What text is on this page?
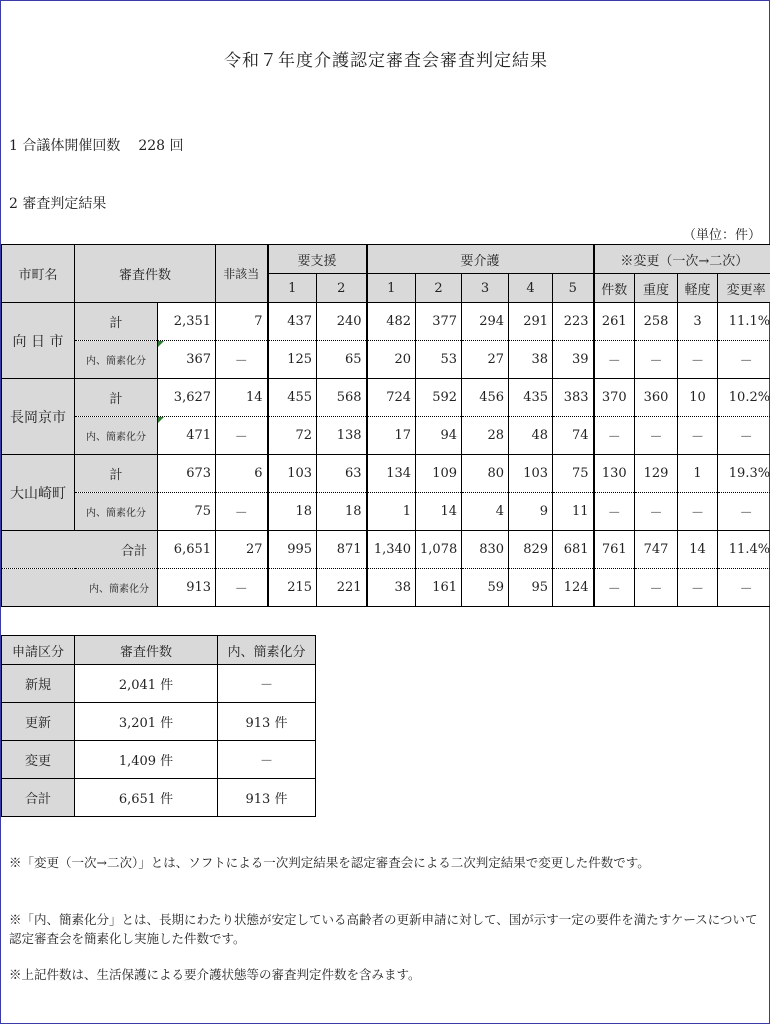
令和７年度介護認定審査会審査判定結果
1 合議体開催回数 228 回
2 審査判定結果
（単位：件）
市町名	審査件数		非該当	要支援		要介護					※変更（一次→二次）			
				1	2	1	2	3	4	5	件数	重度	軽度	変更率
向 日 市	計	2,351	7	437	240	482	377	294	291	223	261	258	3	11.1%
	内、簡素化分	367	－	125	65	20	53	27	38	39	－	－	－	－
長岡京市	計	3,627	14	455	568	724	592	456	435	383	370	360	10	10.2%
	内、簡素化分	471	－	72	138	17	94	28	48	74	－	－	－	－
大山崎町	計	673	6	103	63	134	109	80	103	75	130	129	1	19.3%
	内、簡素化分	75	－	18	18	1	14	4	9	11	－	－	－	－
合計		6,651	27	995	871	1,340	1,078	830	829	681	761	747	14	11.4%
内、簡素化分		913	－	215	221	38	161	59	95	124	－	－	－	－
申請区分	審査件数	内、簡素化分
新規	2,041 件	－
更新	3,201 件	913 件
変更	1,409 件	－
合計	6,651 件	913 件
※「変更（一次→二次）」とは、ソフトによる一次判定結果を認定審査会による二次判定結果で変更した件数です。
※「内、簡素化分」とは、長期にわたり状態が安定している高齢者の更新申請に対して、国が示す一定の要件を満たすケースについて認定審査会を簡素化し実施した件数です。
※上記件数は、生活保護による要介護状態等の審査判定件数を含みます。
